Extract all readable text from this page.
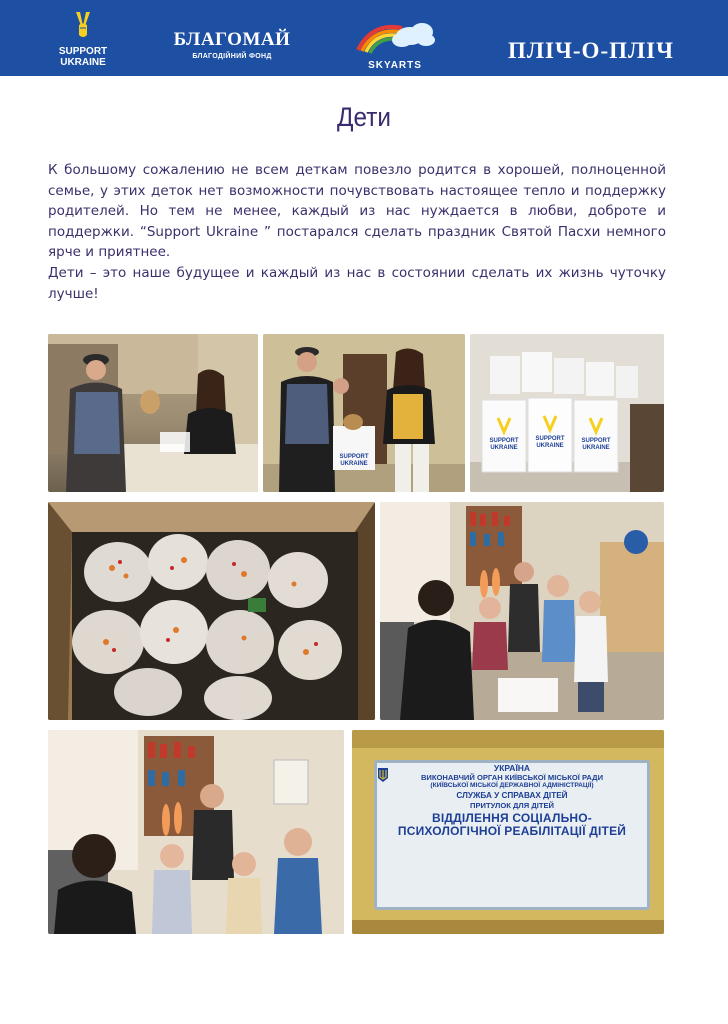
SUPPORT
UKRAINE
БЛАГОМАЙ
БЛАГОДІЙНИЙ ФОНД
SKYARTS
ПЛІЧ-О-ПЛІЧ
Дети

К большому сожалению не всем деткам повезло родится в хорошей, полноценной семье, у этих деток нет возможности почувствовать настоящее тепло и поддержку родителей. Но тем не менее, каждый из нас нуждается в любви, доброте и поддержки. “Support Ukraine ” постарался сделать праздник Святой Пасхи немного ярче и приятнее.

Дети – это наше будущее и каждый из нас в состоянии сделать их жизнь чуточку лучше!

SUPPORT
UKRAINE
SUPPORT
UKRAINE
SUPPORT
UKRAINE
SUPPORT
UKRAINE
УКРАЇНА
ВИКОНАВЧИЙ ОРГАН КИЇВСЬКОЇ МІСЬКОЇ РАДИ
(КИЇВСЬКОЇ МІСЬКОЇ ДЕРЖАВНОЇ АДМІНІСТРАЦІЇ)
СЛУЖБА У СПРАВАХ ДІТЕЙ
ПРИТУЛОК ДЛЯ ДІТЕЙ
ВІДДІЛЕННЯ СОЦІАЛЬНО-
ПСИХОЛОГІЧНОЇ РЕАБІЛІТАЦІЇ ДІТЕЙ
